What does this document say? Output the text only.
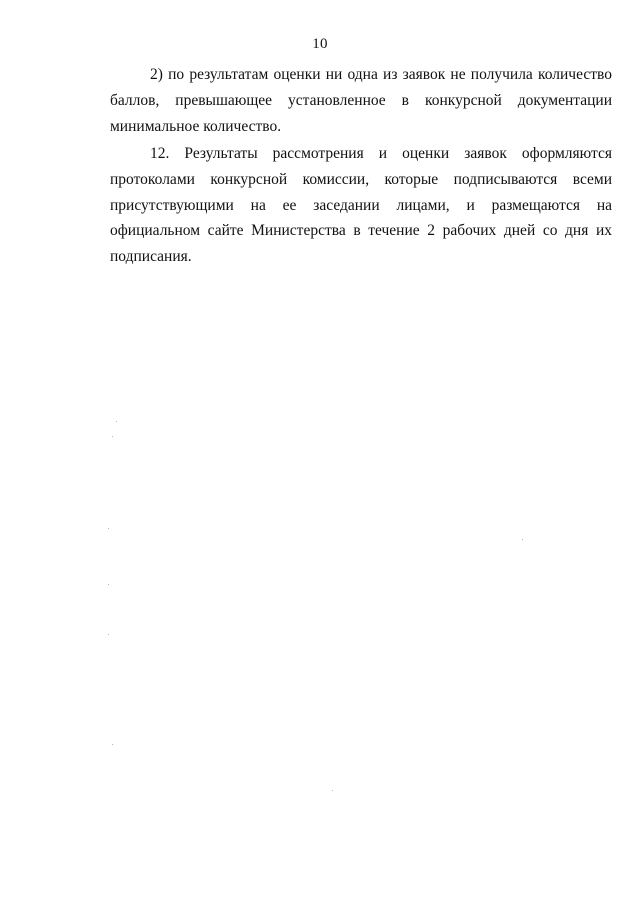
10

2) по результатам оценки ни одна из заявок не получила количество баллов, превышающее установленное в конкурсной документации минимальное количество.

12. Результаты рассмотрения и оценки заявок оформляются протоколами конкурсной комиссии, которые подписываются всеми присутствующими на ее заседании лицами, и размещаются на официальном сайте Министерства в течение 2 рабочих дней со дня их подписания.
